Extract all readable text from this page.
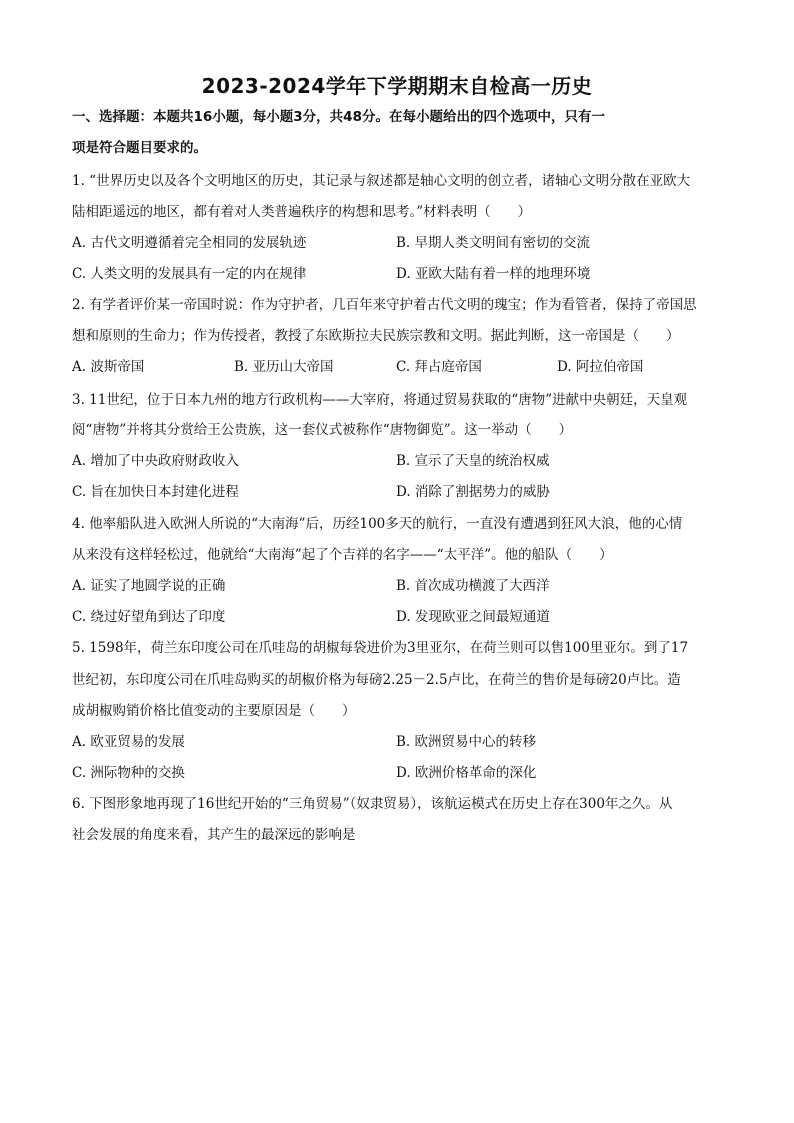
2023-2024学年下学期期末自检高一历史
一、选择题：本题共16小题，每小题3分，共48分。在每小题给出的四个选项中，只有一
项是符合题目要求的。
1. “世界历史以及各个文明地区的历史，其记录与叙述都是轴心文明的创立者，诸轴心文明分散在亚欧大
陆相距遥远的地区，都有着对人类普遍秩序的构想和思考。”材料表明（　　）
A. 古代文明遵循着完全相同的发展轨迹	B. 早期人类文明间有密切的交流
C. 人类文明的发展具有一定的内在规律	D. 亚欧大陆有着一样的地理环境
2. 有学者评价某一帝国时说：作为守护者，几百年来守护着古代文明的瑰宝；作为看管者，保持了帝国思
想和原则的生命力；作为传授者，教授了东欧斯拉夫民族宗教和文明。据此判断，这一帝国是（　　）
A. 波斯帝国	B. 亚历山大帝国	C. 拜占庭帝国	D. 阿拉伯帝国
3. 11世纪，位于日本九州的地方行政机构——大宰府，将通过贸易获取的“唐物”进献中央朝廷，天皇观
阅“唐物”并将其分赏给王公贵族，这一套仪式被称作“唐物御览”。这一举动（　　）
A. 增加了中央政府财政收入	B. 宣示了天皇的统治权威
C. 旨在加快日本封建化进程	D. 消除了割据势力的威胁
4. 他率船队进入欧洲人所说的“大南海”后，历经100多天的航行，一直没有遭遇到狂风大浪，他的心情
从来没有这样轻松过，他就给“大南海”起了个吉祥的名字——“太平洋”。他的船队（　　）
A. 证实了地圆学说的正确	B. 首次成功横渡了大西洋
C. 绕过好望角到达了印度	D. 发现欧亚之间最短通道
5. 1598年，荷兰东印度公司在爪哇岛的胡椒每袋进价为3里亚尔，在荷兰则可以售100里亚尔。到了17
世纪初，东印度公司在爪哇岛购买的胡椒价格为每磅2.25－2.5卢比，在荷兰的售价是每磅20卢比。造
成胡椒购销价格比值变动的主要原因是（　　）
A. 欧亚贸易的发展	B. 欧洲贸易中心的转移
C. 洲际物种的交换	D. 欧洲价格革命的深化
6. 下图形象地再现了16世纪开始的“三角贸易”（奴隶贸易），该航运模式在历史上存在300年之久。从
社会发展的角度来看，其产生的最深远的影响是
